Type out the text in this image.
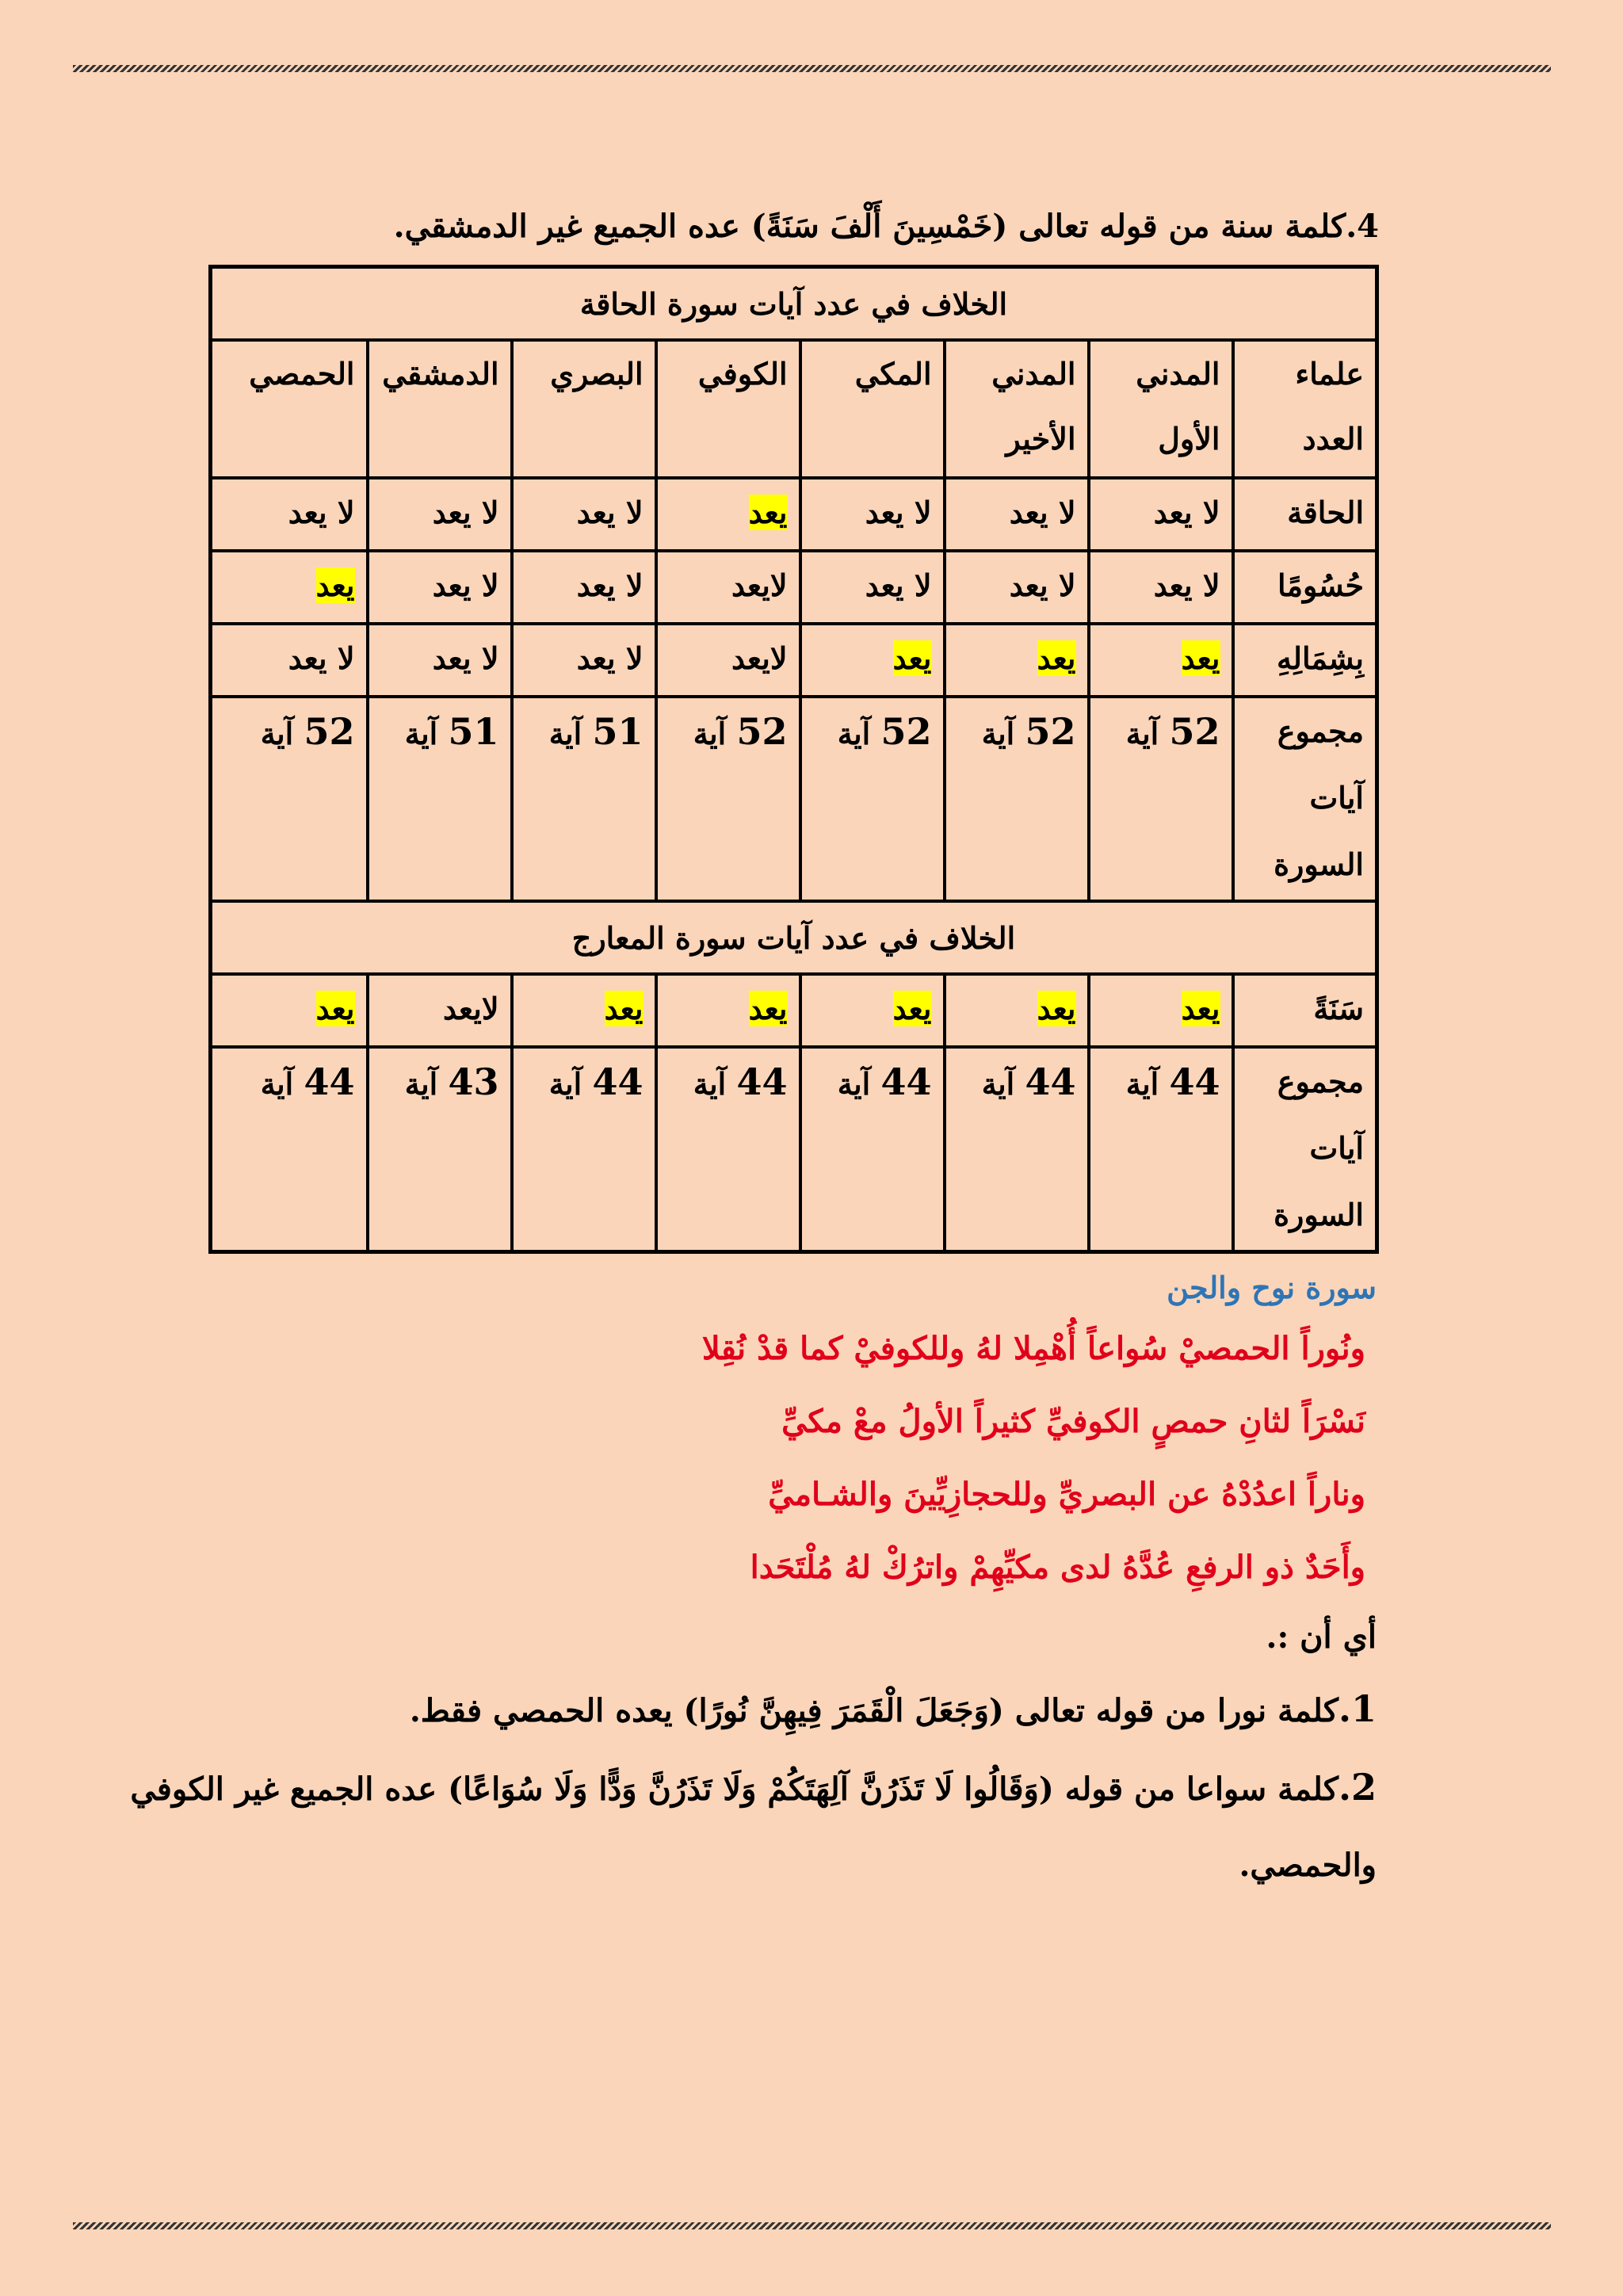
4.كلمة سنة من قوله تعالى (خَمْسِينَ أَلْفَ سَنَةً) عده الجميع غير الدمشقي.
الخلاف في عدد آيات سورة الحاقة							
علماء العدد	المدني الأول	المدني الأخير	المكي	الكوفي	البصري	الدمشقي	الحمصي
الحاقة	لا يعد	لا يعد	لا يعد	يعد	لا يعد	لا يعد	لا يعد
حُسُومًا	لا يعد	لا يعد	لا يعد	لايعد	لا يعد	لا يعد	يعد
بِشِمَالِهِ	يعد	يعد	يعد	لايعد	لا يعد	لا يعد	لا يعد
مجموع آيات السورة	52 آية	52 آية	52 آية	52 آية	51 آية	51 آية	52 آية
الخلاف في عدد آيات سورة المعارج							
سَنَةً	يعد	يعد	يعد	يعد	يعد	لايعد	يعد
مجموع آيات السورة	44 آية	44 آية	44 آية	44 آية	44 آية	43 آية	44 آية
سورة نوح والجن
ونُوراً الحمصيْ سُواعاً أُهْمِلا لهُ وللكوفيْ كما قدْ نُقِلا
نَسْرَاً لثانِ حمصٍ الكوفيِّ كثيراً الأولُ معْ مكيِّ
وناراً اعدُدْهُ عن البصريِّ وللحجازِيِّينَ والشـاميِّ
وأَحَدٌ ذو الرفعِ عُدَّهُ لدى مكيِّهِمْ واترُكْ لهُ مُلْتَحَدا
أي أن :.
1.كلمة نورا من قوله تعالى (وَجَعَلَ الْقَمَرَ فِيهِنَّ نُورًا) يعده الحمصي فقط.
2.كلمة سواعا من قوله (وَقَالُوا لَا تَذَرُنَّ آلِهَتَكُمْ وَلَا تَذَرُنَّ وَدًّا وَلَا سُوَاعًا) عده الجميع غير الكوفي والحمصي.
